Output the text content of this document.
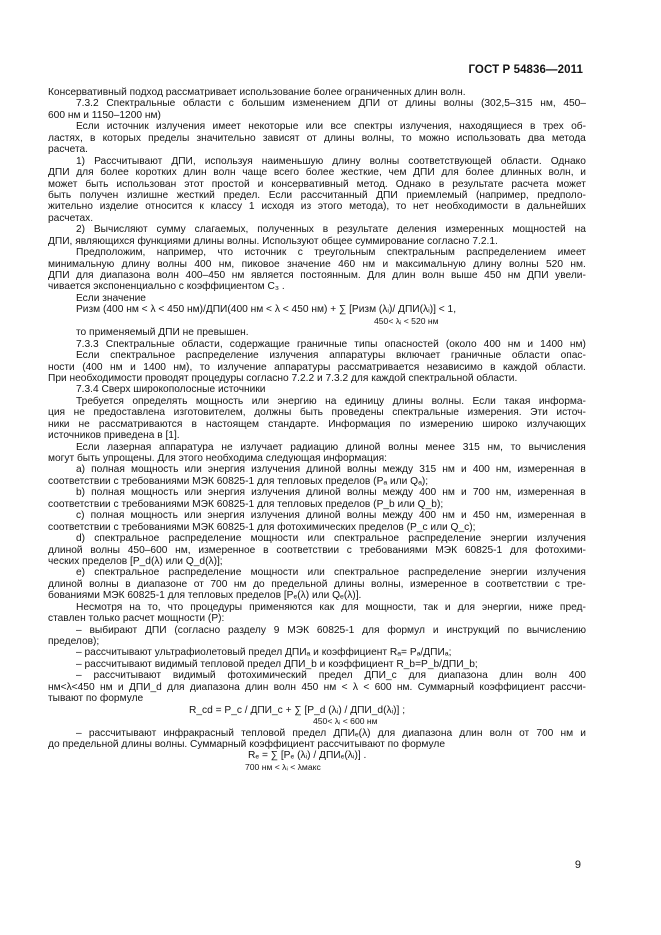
ГОСТ Р 54836—2011
Консервативный подход рассматривает использование более ограниченных длин волн.
7.3.2 Спектральные области с большим изменением ДПИ от длины волны (302,5–315 нм, 450–
600 нм и 1150–1200 нм)
Если источник излучения имеет некоторые или все спектры излучения, находящиеся в трех об-
ластях, в которых пределы значительно зависят от длины волны, то можно использовать два метода
расчета.
1) Рассчитывают ДПИ, используя наименьшую длину волны соответствующей области. Однако
ДПИ для более коротких длин волн чаще всего более жесткие, чем ДПИ для более длинных волн, и
может быть использован этот простой и консервативный метод. Однако в результате расчета может
быть получен излишне жесткий предел. Если рассчитанный ДПИ приемлемый (например, предполо-
жительно изделие относится к классу 1 исходя из этого метода), то нет необходимости в дальнейших
расчетах.
2) Вычисляют сумму слагаемых, полученных в результате деления измеренных мощностей на
ДПИ, являющихся функциями длины волны. Используют общее суммирование согласно 7.2.1.
Предположим, например, что источник с треугольным спектральным распределением имеет
минимальную длину волны 400 нм, пиковое значение 460 нм и максимальную длину волны 520 нм.
ДПИ для диапазона волн 400–450 нм является постоянным. Для длин волн выше 450 нм ДПИ увели-
чивается экспоненциально с коэффициентом C₃ .
Если значение
Pизм (400 нм < λ < 450 нм)/ДПИ(400 нм < λ < 450 нм) + ∑ [Pизм (λᵢ)/ ДПИ(λᵢ)] < 1,
450< λᵢ < 520 нм
то применяемый ДПИ не превышен.
7.3.3 Спектральные области, содержащие граничные типы опасностей (около 400 нм и 1400 нм)
Если спектральное распределение излучения аппаратуры включает граничные области опас-
ности (400 нм и 1400 нм), то излучение аппаратуры рассматривается независимо в каждой области.
При необходимости проводят процедуры согласно 7.2.2 и 7.3.2 для каждой спектральной области.
7.3.4 Сверх широкополосные источники
Требуется определять мощность или энергию на единицу длины волны. Если такая информа-
ция не предоставлена изготовителем, должны быть проведены спектральные измерения. Эти источ-
ники не рассматриваются в настоящем стандарте. Информация по измерению широко излучающих
источников приведена в [1].
Если лазерная аппаратура не излучает радиацию длиной волны менее 315 нм, то вычисления
могут быть упрощены. Для этого необходима следующая информация:
а) полная мощность или энергия излучения длиной волны между 315 нм и 400 нм, измеренная в
соответствии с требованиями МЭК 60825-1 для тепловых пределов (Pₐ или Qₐ);
b) полная мощность или энергия излучения длиной волны между 400 нм и 700 нм, измеренная в
соответствии с требованиями МЭК 60825-1 для тепловых пределов (P_b или Q_b);
c) полная мощность или энергия излучения длиной волны между 400 нм и 450 нм, измеренная в
соответствии с требованиями МЭК 60825-1 для фотохимических пределов (P_c или Q_c);
d) спектральное распределение мощности или спектральное распределение энергии излучения
длиной волны 450–600 нм, измеренное в соответствии с требованиями МЭК 60825-1 для фотохими-
ческих пределов [P_d(λ) или Q_d(λ)];
e) спектральное распределение мощности или спектральное распределение энергии излучения
длиной волны в диапазоне от 700 нм до предельной длины волны, измеренное в соответствии с тре-
бованиями МЭК 60825-1 для тепловых пределов [Pₑ(λ) или Qₑ(λ)].
Несмотря на то, что процедуры применяются как для мощности, так и для энергии, ниже пред-
ставлен только расчет мощности (P):
– выбирают ДПИ (согласно разделу 9 МЭК 60825-1 для формул и инструкций по вычислению
пределов);
– рассчитывают ультрафиолетовый предел ДПИₐ и коэффициент Rₐ= Pₐ/ДПИₐ;
– рассчитывают видимый тепловой предел ДПИ_b и коэффициент R_b=P_b/ДПИ_b;
– рассчитывают видимый фотохимический предел ДПИ_c для диапазона длин волн 400
нм<λ<450 нм и ДПИ_d для диапазона длин волн 450 нм < λ < 600 нм. Суммарный коэффициент рассчи-
тывают по формуле
R_cd = P_c / ДПИ_c + ∑ [P_d (λᵢ) / ДПИ_d(λᵢ)] ;
450< λᵢ < 600 нм
– рассчитывают инфракрасный тепловой предел ДПИₑ(λ) для диапазона длин волн от 700 нм и
до предельной длины волны. Суммарный коэффициент рассчитывают по формуле
Rₑ = ∑ [Pₑ (λᵢ) / ДПИₑ(λᵢ)] .
700 нм < λᵢ < λмакс
9
